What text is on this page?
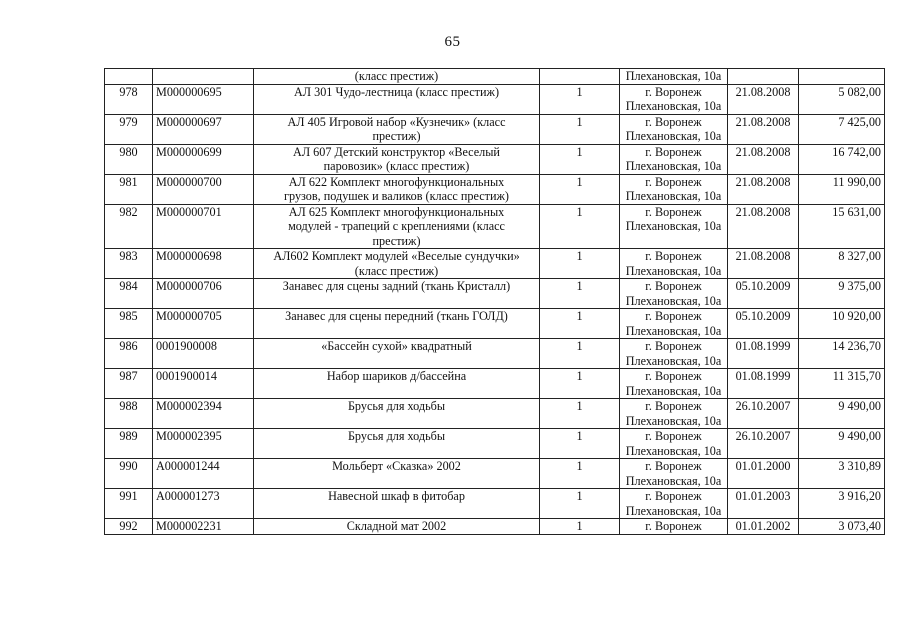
65
		(класс престиж)		Плехановская, 10а		
978	М000000695	АЛ 301 Чудо-лестница (класс престиж)	1	г. Воронеж
Плехановская, 10а	21.08.2008	5 082,00
979	М000000697	АЛ 405 Игровой набор «Кузнечик» (класс
престиж)	1	г. Воронеж
Плехановская, 10а	21.08.2008	7 425,00
980	М000000699	АЛ 607 Детский конструктор «Веселый
паровозик» (класс престиж)	1	г. Воронеж
Плехановская, 10а	21.08.2008	16 742,00
981	М000000700	АЛ 622 Комплект многофункциональных
грузов, подушек и валиков (класс престиж)	1	г. Воронеж
Плехановская, 10а	21.08.2008	11 990,00
982	М000000701	АЛ 625 Комплект многофункциональных
модулей - трапеций с креплениями (класс
престиж)	1	г. Воронеж
Плехановская, 10а	21.08.2008	15 631,00
983	М000000698	АЛ602 Комплект модулей «Веселые сундучки»
(класс престиж)	1	г. Воронеж
Плехановская, 10а	21.08.2008	8 327,00
984	М000000706	Занавес для сцены задний (ткань Кристалл)	1	г. Воронеж
Плехановская, 10а	05.10.2009	9 375,00
985	М000000705	Занавес для сцены передний (ткань ГОЛД)	1	г. Воронеж
Плехановская, 10а	05.10.2009	10 920,00
986	0001900008	«Бассейн сухой» квадратный	1	г. Воронеж
Плехановская, 10а	01.08.1999	14 236,70
987	0001900014	Набор шариков д/бассейна	1	г. Воронеж
Плехановская, 10а	01.08.1999	11 315,70
988	М000002394	Брусья для ходьбы	1	г. Воронеж
Плехановская, 10а	26.10.2007	9 490,00
989	М000002395	Брусья для ходьбы	1	г. Воронеж
Плехановская, 10а	26.10.2007	9 490,00
990	А000001244	Мольберт «Сказка» 2002	1	г. Воронеж
Плехановская, 10а	01.01.2000	3 310,89
991	А000001273	Навесной шкаф в фитобар	1	г. Воронеж
Плехановская, 10а	01.01.2003	3 916,20
992	М000002231	Складной мат 2002	1	г. Воронеж	01.01.2002	3 073,40
